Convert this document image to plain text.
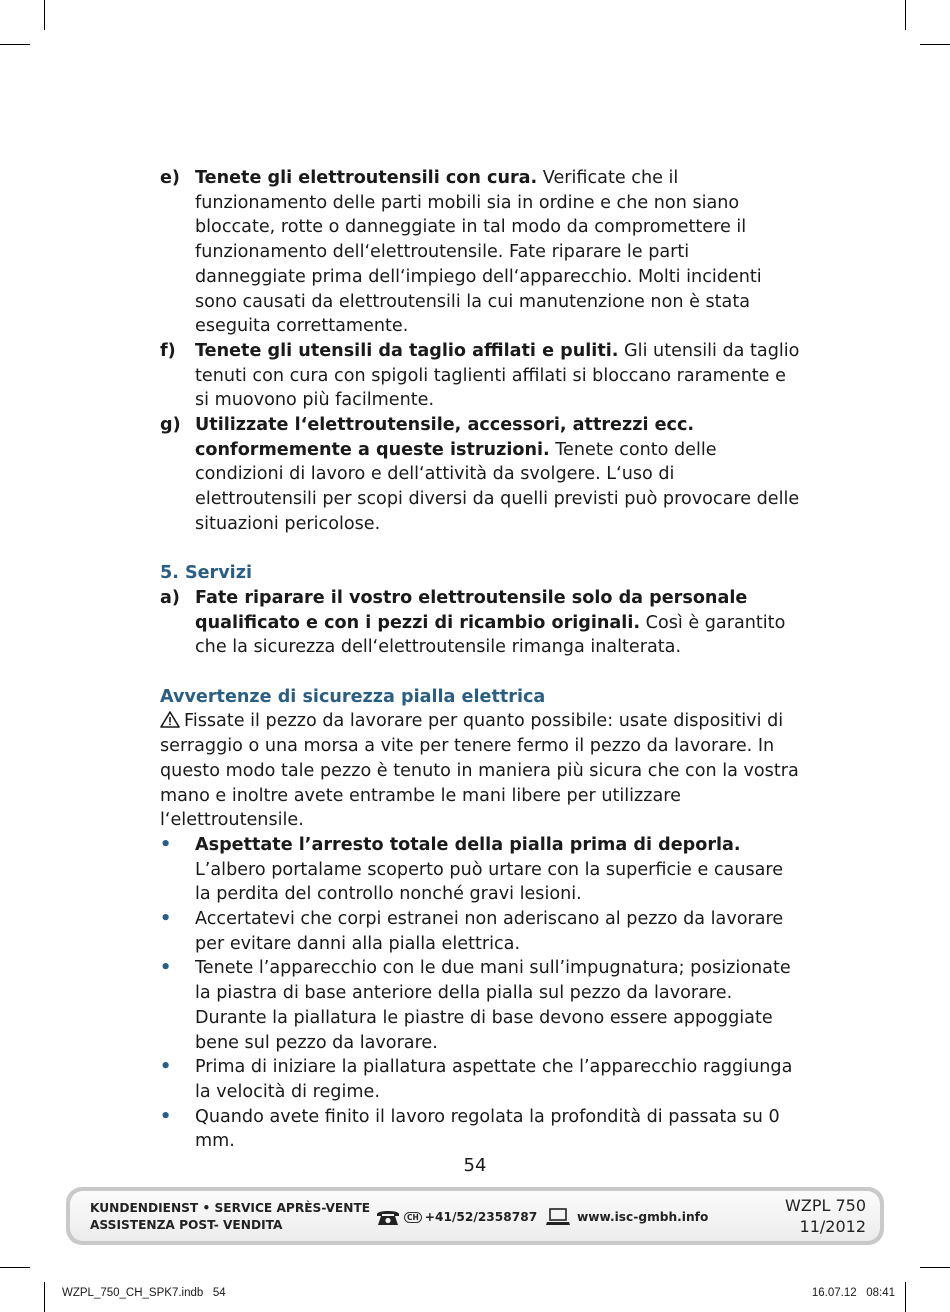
e) Tenete gli elettroutensili con cura. Verificate che il funzionamento delle parti mobili sia in ordine e che non siano bloccate, rotte o danneggiate in tal modo da compromettere il funzionamento dell‘elettroutensile. Fate riparare le parti danneggiate prima dell‘impiego dell‘apparecchio. Molti incidenti sono causati da elettroutensili la cui manutenzione non è stata eseguita correttamente.
f) Tenete gli utensili da taglio affilati e puliti. Gli utensili da taglio tenuti con cura con spigoli taglienti affilati si bloccano raramente e si muovono più facilmente.
g) Utilizzate l‘elettroutensile, accessori, attrezzi ecc. conformemente a queste istruzioni. Tenete conto delle condizioni di lavoro e dell‘attività da svolgere. L‘uso di elettroutensili per scopi diversi da quelli previsti può provocare delle situazioni pericolose.
5. Servizi
a) Fate riparare il vostro elettroutensile solo da personale qualificato e con i pezzi di ricambio originali. Così è garantito che la sicurezza dell‘elettroutensile rimanga inalterata.
Avvertenze di sicurezza pialla elettrica
Fissate il pezzo da lavorare per quanto possibile: usate dispositivi di serraggio o una morsa a vite per tenere fermo il pezzo da lavorare. In questo modo tale pezzo è tenuto in maniera più sicura che con la vostra mano e inoltre avete entrambe le mani libere per utilizzare l‘elettroutensile.
• Aspettate l’arresto totale della pialla prima di deporla. L’albero portalame scoperto può urtare con la superficie e causare la perdita del controllo nonché gravi lesioni.
• Accertatevi che corpi estranei non aderiscano al pezzo da lavorare per evitare danni alla pialla elettrica.
• Tenete l’apparecchio con le due mani sull’impugnatura; posizionate la piastra di base anteriore della pialla sul pezzo da lavorare. Durante la piallatura le piastre di base devono essere appoggiate bene sul pezzo da lavorare.
• Prima di iniziare la piallatura aspettate che l’apparecchio raggiunga la velocità di regime.
• Quando avete finito il lavoro regolata la profondità di passata su 0 mm.
54
KUNDENDIENST • SERVICE APRÈS-VENTE
ASSISTENZA POST- VENDITA
CH +41/52/2358787	www.isc-gmbh.info
WZPL 750
11/2012
WZPL_750_CH_SPK7.indb   54	16.07.12   08:41
